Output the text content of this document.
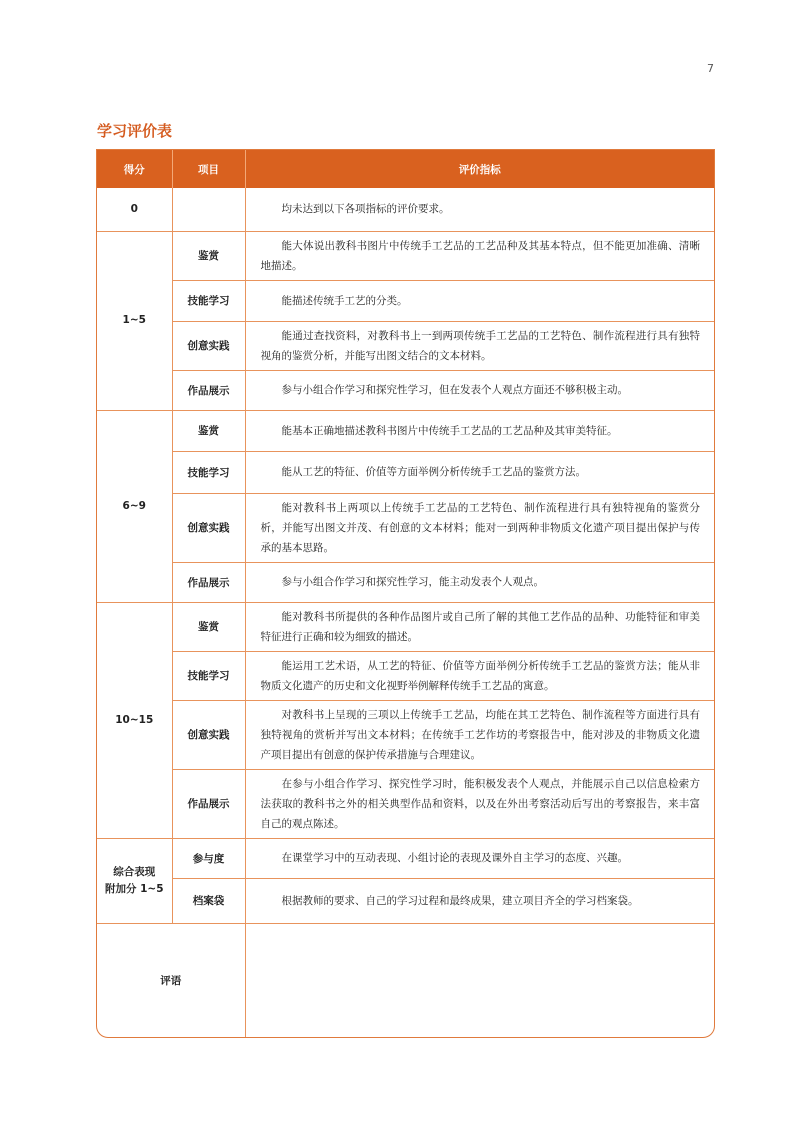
7
学习评价表
得分	项目	评价指标
0		均未达到以下各项指标的评价要求。
1~5	鉴赏	能大体说出教科书图片中传统手工艺品的工艺品种及其基本特点，但不能更加准确、清晰地描述。
	技能学习	能描述传统手工艺的分类。
	创意实践	能通过查找资料，对教科书上一到两项传统手工艺品的工艺特色、制作流程进行具有独特视角的鉴赏分析，并能写出图文结合的文本材料。
	作品展示	参与小组合作学习和探究性学习，但在发表个人观点方面还不够积极主动。
6~9	鉴赏	能基本正确地描述教科书图片中传统手工艺品的工艺品种及其审美特征。
	技能学习	能从工艺的特征、价值等方面举例分析传统手工艺品的鉴赏方法。
	创意实践	能对教科书上两项以上传统手工艺品的工艺特色、制作流程进行具有独特视角的鉴赏分析，并能写出图文并茂、有创意的文本材料；能对一到两种非物质文化遗产项目提出保护与传承的基本思路。
	作品展示	参与小组合作学习和探究性学习，能主动发表个人观点。
10~15	鉴赏	能对教科书所提供的各种作品图片或自己所了解的其他工艺作品的品种、功能特征和审美特征进行正确和较为细致的描述。
	技能学习	能运用工艺术语，从工艺的特征、价值等方面举例分析传统手工艺品的鉴赏方法；能从非物质文化遗产的历史和文化视野举例解释传统手工艺品的寓意。
	创意实践	对教科书上呈现的三项以上传统手工艺品，均能在其工艺特色、制作流程等方面进行具有独特视角的赏析并写出文本材料；在传统手工艺作坊的考察报告中，能对涉及的非物质文化遗产项目提出有创意的保护传承措施与合理建议。
	作品展示	在参与小组合作学习、探究性学习时，能积极发表个人观点，并能展示自己以信息检索方法获取的教科书之外的相关典型作品和资料，以及在外出考察活动后写出的考察报告，来丰富自己的观点陈述。

综合表现
附加分 1~5	参与度	在课堂学习中的互动表现、小组讨论的表现及课外自主学习的态度、兴趣。
	档案袋	根据教师的要求、自己的学习过程和最终成果，建立项目齐全的学习档案袋。
评语		
